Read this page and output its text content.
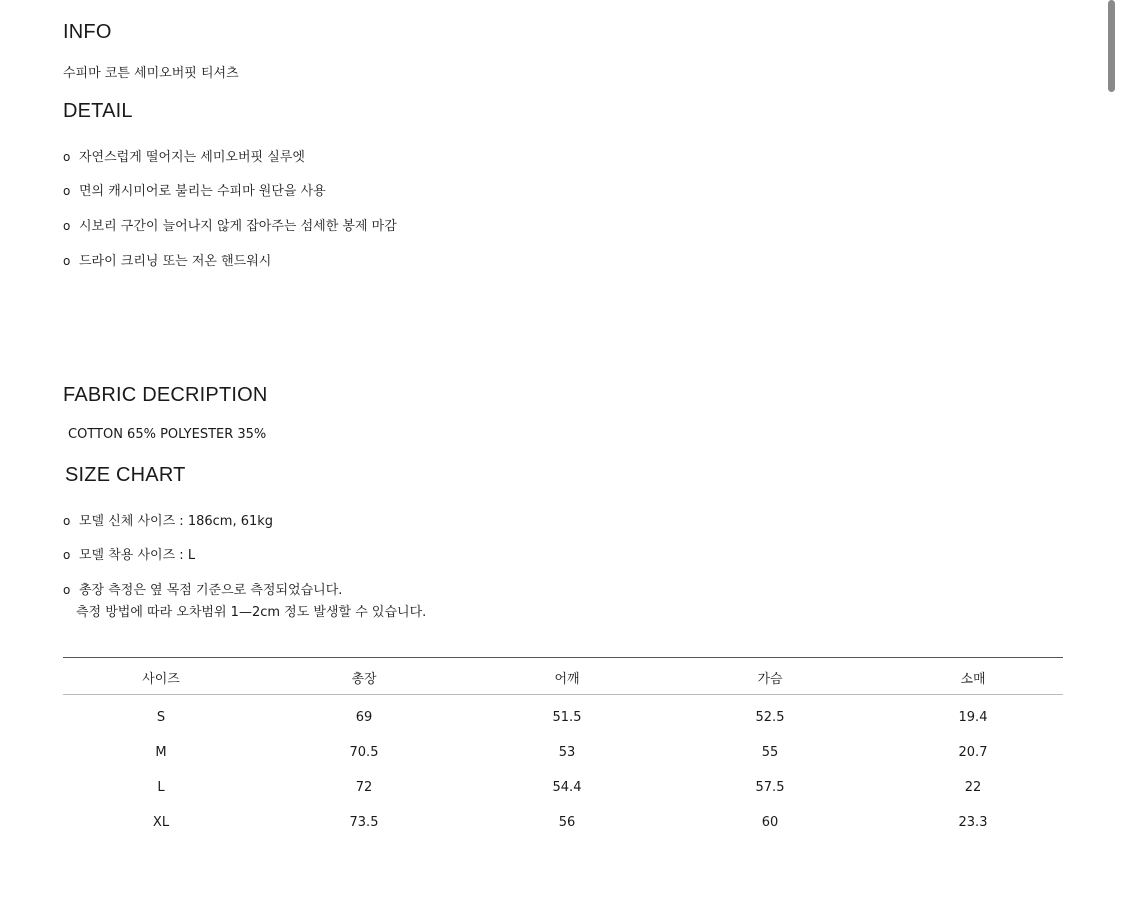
INFO
수피마 코튼 세미오버핏 티셔츠
DETAIL
o 자연스럽게 떨어지는 세미오버핏 실루엣
o 면의 캐시미어로 불리는 수피마 원단을 사용
o 시보리 구간이 늘어나지 않게 잡아주는 섬세한 봉제 마감
o 드라이 크리닝 또는 저온 핸드워시
FABRIC DECRIPTION
COTTON 65% POLYESTER 35%
SIZE CHART
o 모델 신체 사이즈 : 186cm, 61kg
o 모델 착용 사이즈 : L
o 총장 측정은 옆 목점 기준으로 측정되었습니다.
측정 방법에 따라 오차범위 1—2cm 정도 발생할 수 있습니다.
사이즈	총장	어깨	가슴	소매
S	69	51.5	52.5	19.4
M	70.5	53	55	20.7
L	72	54.4	57.5	22
XL	73.5	56	60	23.3
